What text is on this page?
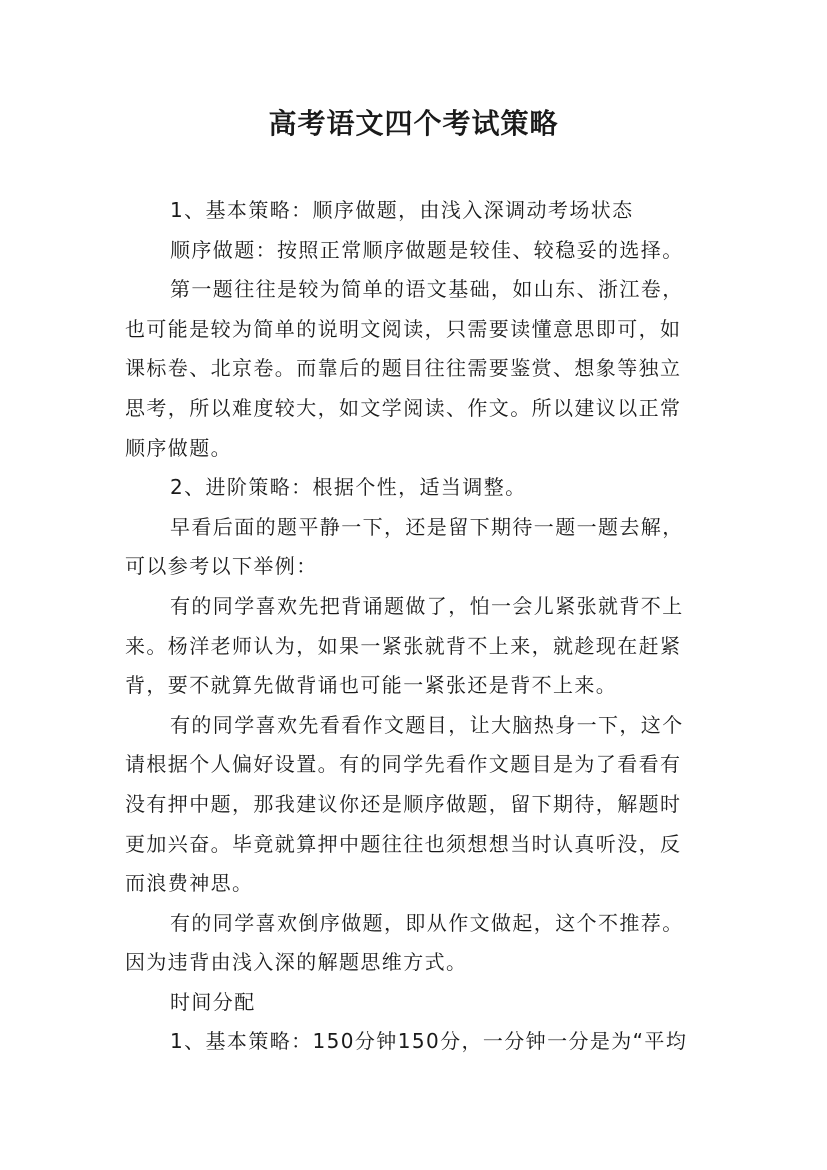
高考语文四个考试策略
1、基本策略：顺序做题，由浅入深调动考场状态
顺序做题：按照正常顺序做题是较佳、较稳妥的选择。
第一题往往是较为简单的语文基础，如山东、浙江卷，
也可能是较为简单的说明文阅读，只需要读懂意思即可，如
课标卷、北京卷。而靠后的题目往往需要鉴赏、想象等独立
思考，所以难度较大，如文学阅读、作文。所以建议以正常
顺序做题。
2、进阶策略：根据个性，适当调整。
早看后面的题平静一下，还是留下期待一题一题去解，
可以参考以下举例：
有的同学喜欢先把背诵题做了，怕一会儿紧张就背不上
来。杨洋老师认为，如果一紧张就背不上来，就趁现在赶紧
背，要不就算先做背诵也可能一紧张还是背不上来。
有的同学喜欢先看看作文题目，让大脑热身一下，这个
请根据个人偏好设置。有的同学先看作文题目是为了看看有
没有押中题，那我建议你还是顺序做题，留下期待，解题时
更加兴奋。毕竟就算押中题往往也须想想当时认真听没，反
而浪费神思。
有的同学喜欢倒序做题，即从作文做起，这个不推荐。
因为违背由浅入深的解题思维方式。
时间分配
1、基本策略：150分钟150分，一分钟一分是为“平均
